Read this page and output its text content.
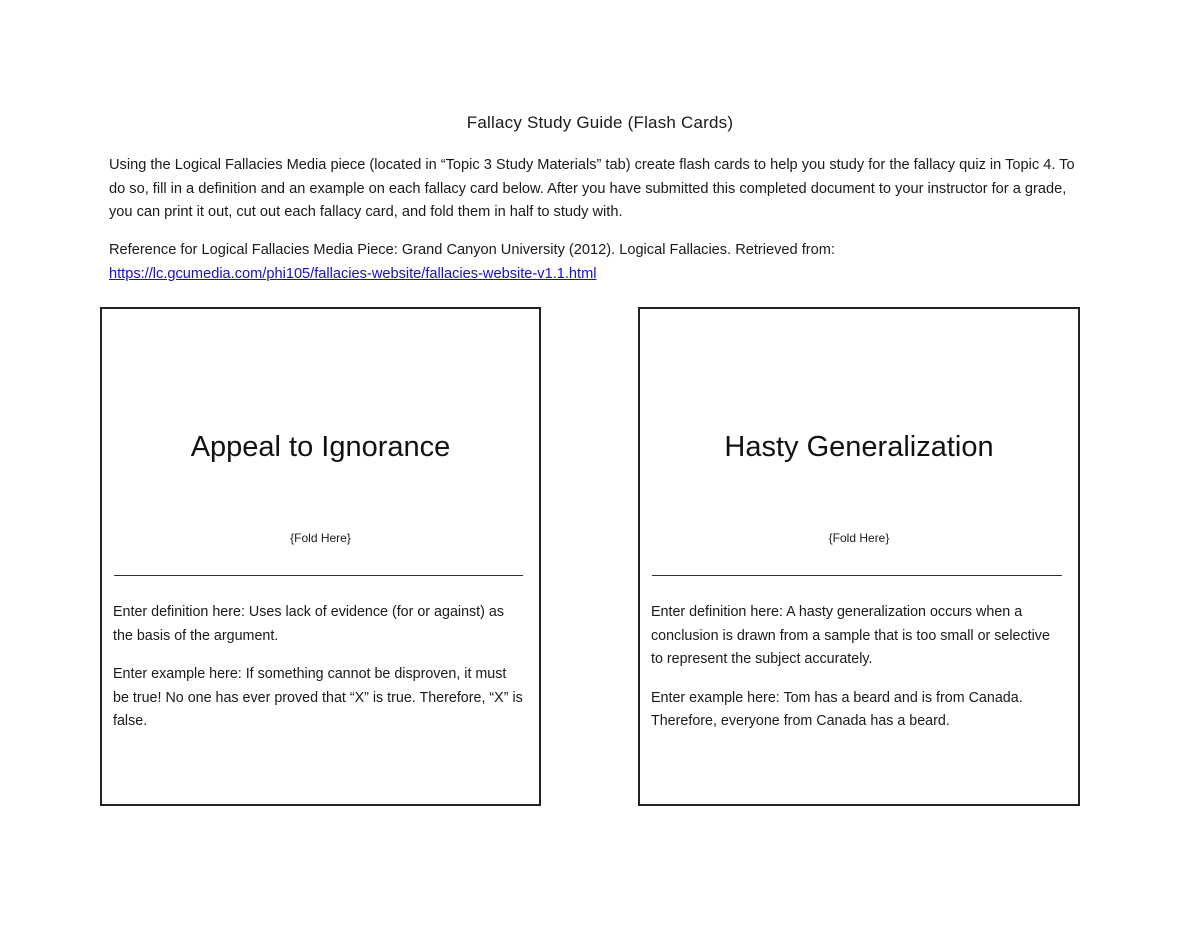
Fallacy Study Guide (Flash Cards)

Using the Logical Fallacies Media piece (located in “Topic 3 Study Materials” tab) create flash cards to help you study for the fallacy quiz in Topic 4. To do so, fill in a definition and an example on each fallacy card below. After you have submitted this completed document to your instructor for a grade, you can print it out, cut out each fallacy card, and fold them in half to study with.

Reference for Logical Fallacies Media Piece: Grand Canyon University (2012). Logical Fallacies. Retrieved from:
https://lc.gcumedia.com/phi105/fallacies-website/fallacies-website-v1.1.html

Appeal to Ignorance
{Fold Here}

Enter definition here: Uses lack of evidence (for or against) as the basis of the argument.

Enter example here: If something cannot be disproven, it must be true! No one has ever proved that “X” is true. Therefore, “X” is false.

Hasty Generalization
{Fold Here}

Enter definition here: A hasty generalization occurs when a conclusion is drawn from a sample that is too small or selective to represent the subject accurately.

Enter example here: Tom has a beard and is from Canada. Therefore, everyone from Canada has a beard.
